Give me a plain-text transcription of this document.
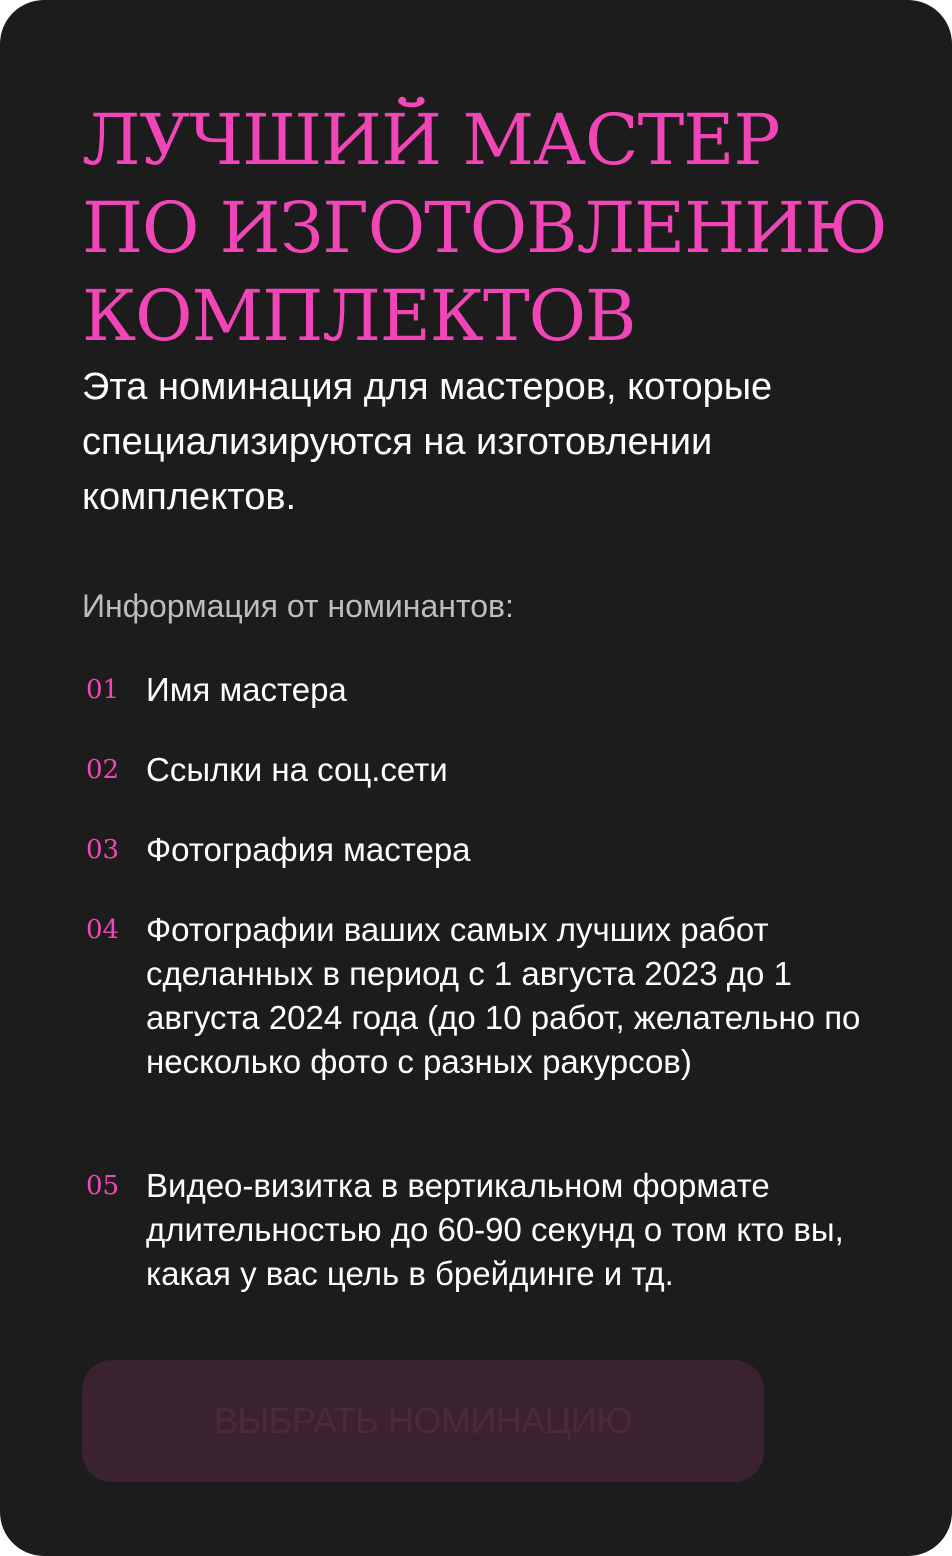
ЛУЧШИЙ МАСТЕР
ПО ИЗГОТОВЛЕНИЮ
КОМПЛЕКТОВ

Эта номинация для мастеров, которые специализируются на изготовлении комплектов.

Информация от номинантов:

01 Имя мастера
02 Ссылки на соц.сети
03 Фотография мастера
04 Фотографии ваших самых лучших работ сделанных в период с 1 августа 2023 до 1 августа 2024 года (до 10 работ, желательно по несколько фото с разных ракурсов)
05 Видео-визитка в вертикальном формате длительностью до 60-90 секунд о том кто вы, какая у вас цель в брейдинге и тд.
ВЫБРАТЬ НОМИНАЦИЮ
